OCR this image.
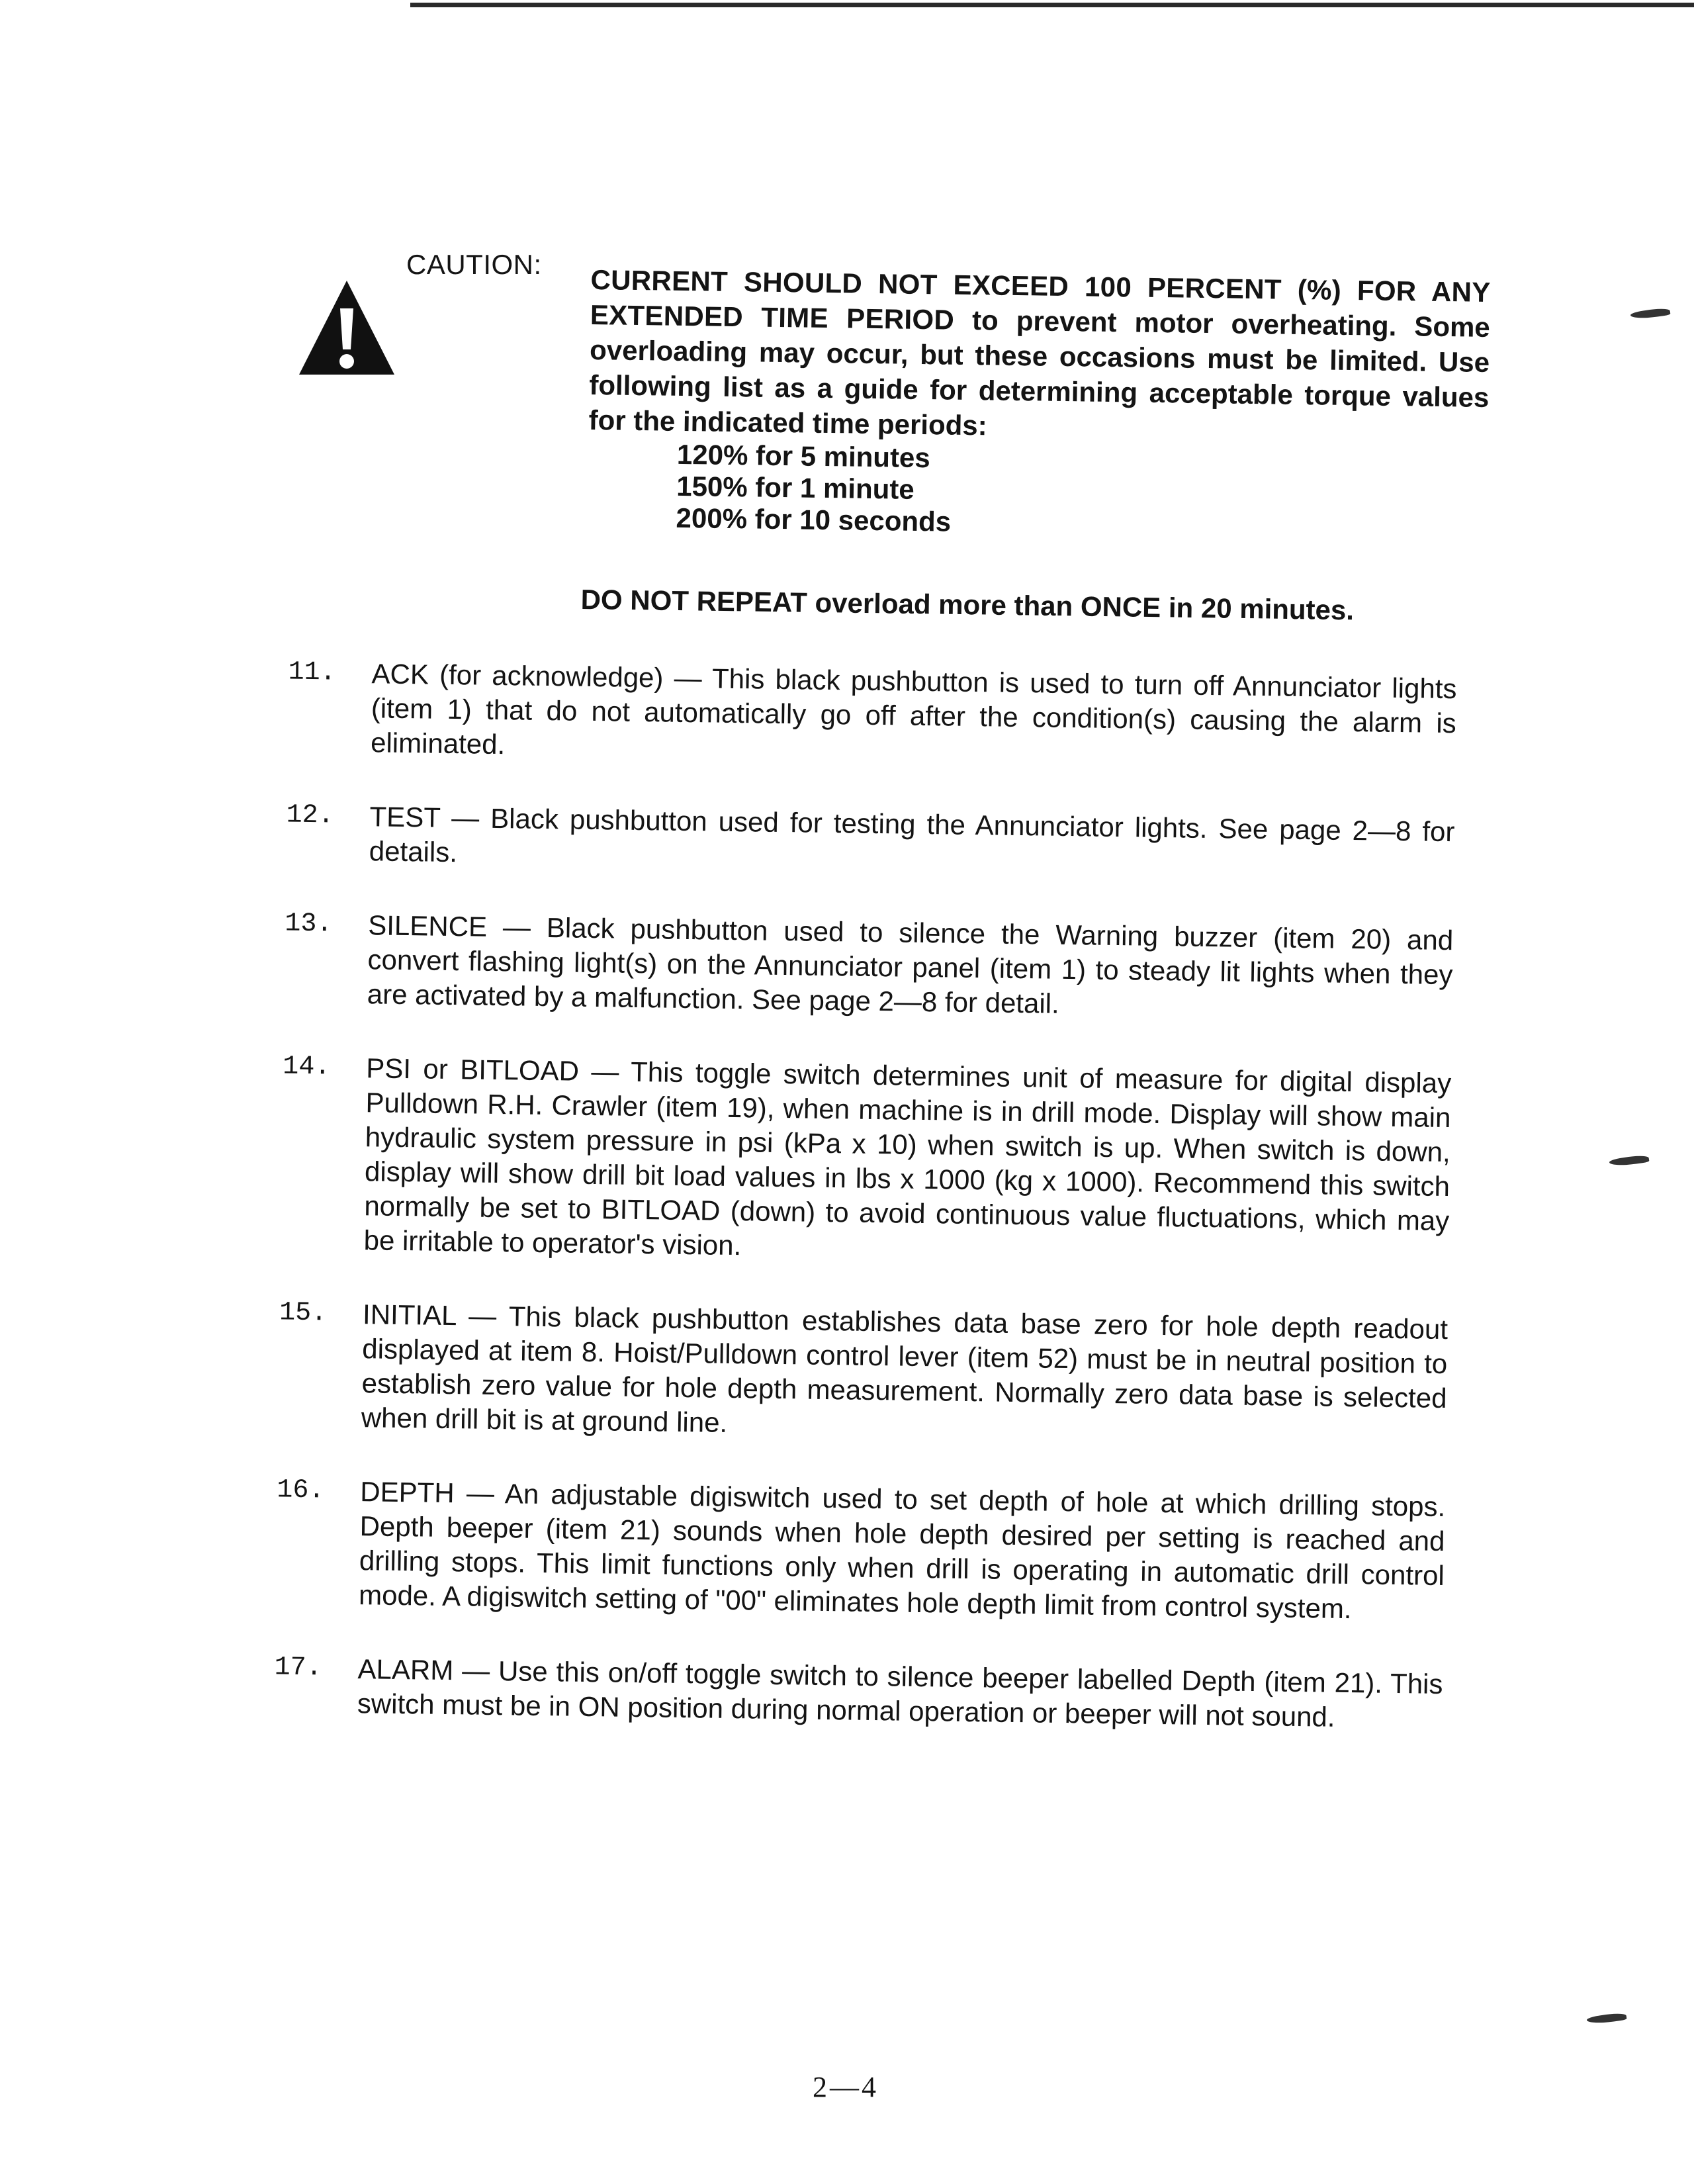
CAUTION: CURRENT SHOULD NOT EXCEED 100 PERCENT (%) FOR ANY EXTENDED TIME PERIOD to prevent motor overheating. Some overloading may occur, but these occasions must be limited. Use following list as a guide for determining acceptable torque values for the indicated time periods:

120% for 5 minutes
150% for 1 minute
200% for 10 seconds
DO NOT REPEAT overload more than ONCE in 20 minutes.
11. ACK (for acknowledge) — This black pushbutton is used to turn off Annunciator lights (item 1) that do not automatically go off after the condition(s) causing the alarm is eliminated.
12. TEST — Black pushbutton used for testing the Annunciator lights. See page 2—8 for details.
13. SILENCE — Black pushbutton used to silence the Warning buzzer (item 20) and convert flashing light(s) on the Annunciator panel (item 1) to steady lit lights when they are activated by a malfunction. See page 2—8 for detail.
14. PSI or BITLOAD — This toggle switch determines unit of measure for digital display Pulldown R.H. Crawler (item 19), when machine is in drill mode. Display will show main hydraulic system pressure in psi (kPa x 10) when switch is up. When switch is down, display will show drill bit load values in lbs x 1000 (kg x 1000). Recommend this switch normally be set to BITLOAD (down) to avoid continuous value fluctuations, which may be irritable to operator's vision.
15. INITIAL — This black pushbutton establishes data base zero for hole depth readout displayed at item 8. Hoist/Pulldown control lever (item 52) must be in neutral position to establish zero value for hole depth measurement. Normally zero data base is selected when drill bit is at ground line.
16. DEPTH — An adjustable digiswitch used to set depth of hole at which drilling stops. Depth beeper (item 21) sounds when hole depth desired per setting is reached and drilling stops. This limit functions only when drill is operating in automatic drill control mode. A digiswitch setting of "00" eliminates hole depth limit from control system.
17. ALARM — Use this on/off toggle switch to silence beeper labelled Depth (item 21). This switch must be in ON position during normal operation or beeper will not sound.
2—4
